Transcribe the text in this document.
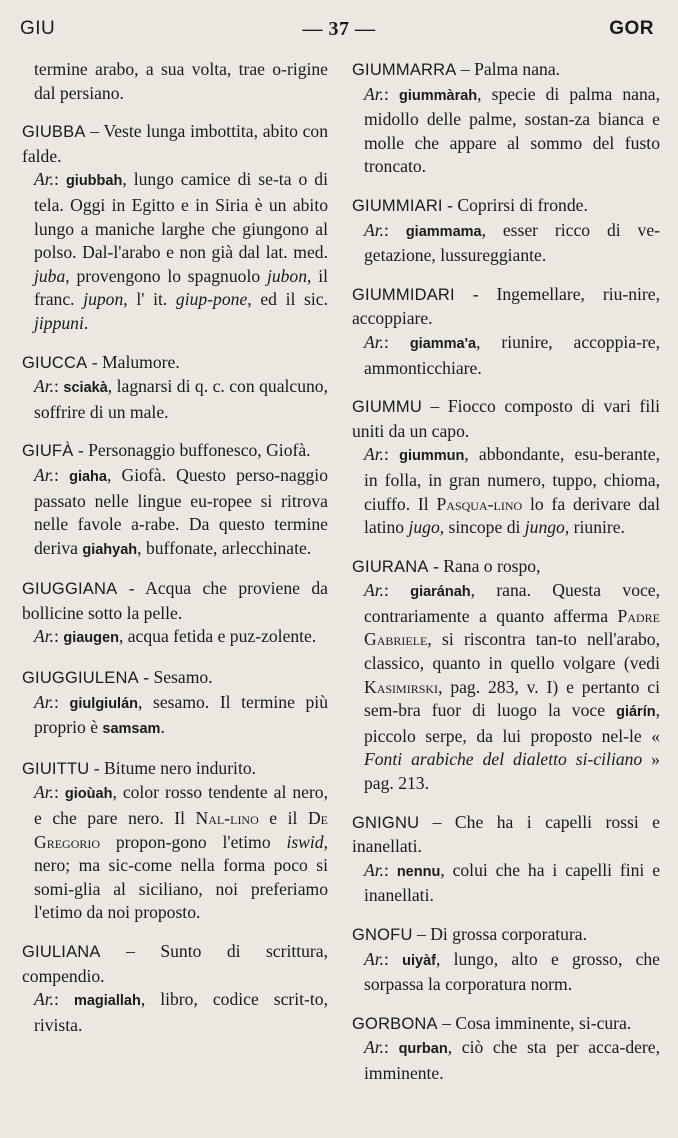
GIU	— 37 —	GOR
termine arabo, a sua volta, trae o-rigine dal persiano.
GIUBBA – Veste lunga imbottita, abito con falde.
Ar.: giubbah, lungo camice di se-ta o di tela. Oggi in Egitto e in Siria è un abito lungo a maniche larghe che giungono al polso. Dal-l'arabo e non già dal lat. med. juba, provengono lo spagnuolo jubon, il franc. jupon, l' it. giup-pone, ed il sic. jippuni.
GIUCCA - Malumore.
Ar.: sciakà, lagnarsi di q. c. con qualcuno, soffrire di un male.
GIUFÀ - Personaggio buffonesco, Giofà.
Ar.: giaha, Giofà. Questo perso-naggio passato nelle lingue eu-ropee si ritrova nelle favole a-rabe. Da questo termine deriva giahyah, buffonate, arlecchinate.
GIUGGIANA - Acqua che proviene da bollicine sotto la pelle.
Ar.: giaugen, acqua fetida e puz-zolente.
GIUGGIULENA - Sesamo.
Ar.: giulgiulán, sesamo. Il termine più proprio è samsam.
GIUITTU - Bitume nero indurito.
Ar.: gioùah, color rosso tendente al nero, e che pare nero. Il Nal-lino e il De Gregorio propon-gono l'etimo iswid, nero; ma sic-come nella forma poco si somi-glia al siciliano, noi preferiamo l'etimo da noi proposto.
GIULIANA – Sunto di scrittura, compendio.
Ar.: magiallah, libro, codice scrit-to, rivista.
GIUMMARRA – Palma nana.
Ar.: giummàrah, specie di palma nana, midollo delle palme, sostan-za bianca e molle che appare al sommo del fusto troncato.
GIUMMIARI - Coprirsi di fronde.
Ar.: giammama, esser ricco di ve-getazione, lussureggiante.
GIUMMIDARI - Ingemellare, riu-nire, accoppiare.
Ar.: giamma'a, riunire, accoppia-re, ammonticchiare.
GIUMMU – Fiocco composto di vari fili uniti da un capo.
Ar.: giummun, abbondante, esu-berante, in folla, in gran numero, tuppo, chioma, ciuffo. Il Pasqua-lino lo fa derivare dal latino jugo, sincope di jungo, riunire.
GIURANA - Rana o rospo,
Ar.: giaránah, rana. Questa voce, contrariamente a quanto afferma Padre Gabriele, si riscontra tan-to nell'arabo, classico, quanto in quello volgare (vedi Kasimirski, pag. 283, v. I) e pertanto ci sem-bra fuor di luogo la voce giárín, piccolo serpe, da lui proposto nel-le « Fonti arabiche del dialetto si-ciliano » pag. 213.
GNIGNU – Che ha i capelli rossi e inanellati.
Ar.: nennu, colui che ha i capelli fini e inanellati.
GNOFU – Di grossa corporatura.
Ar.: uiyàf, lungo, alto e grosso, che sorpassa la corporatura norm.
GORBONA – Cosa imminente, si-cura.
Ar.: qurban, ciò che sta per acca-dere, imminente.
